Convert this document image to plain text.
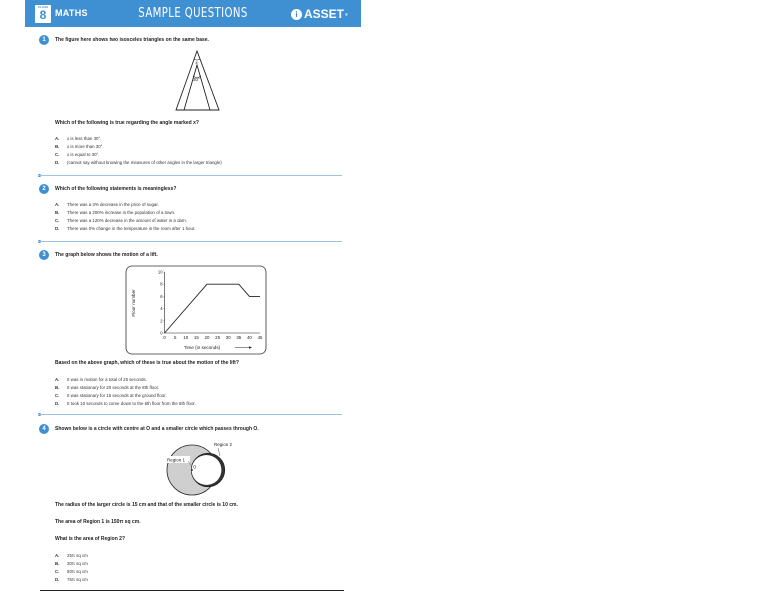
CLASS
8 MATHS	SAMPLE QUESTIONS	i ASSET ®
1	The figure here shows two isosceles triangles on the same base.
x
30°
Which of the following is true regarding the angle marked x?
A. x is less than 30°.
B. x is more than 30°.
C. x is equal to 30°.
D. (cannot say without knowing the measures of other angles in the larger triangle)
2	Which of the following statements is meaningless?
A. There was a 3% decrease in the price of sugar.
B. There was a 200% increase in the population of a town.
C. There was a 120% decrease in the amount of water in a dam.
D. There was 0% change in the temperature in the room after 1 hour.
3	The graph below shows the motion of a lift.
Floor number
Time (in seconds)
0 5 10 15 20 25 30 35 40 45
0
2
4
6
8
10
Based on the above graph, which of these is true about the motion of the lift?
A. It was in motion for a total of 25 seconds.
B. It was stationary for 20 seconds at the 8th floor.
C. It was stationary for 15 seconds at the ground floor.
D. It took 10 seconds to come down to the 6th floor from the 8th floor.
4	Shown below is a circle with centre at O and a smaller circle which passes through O.
Region 1
O
Region 2
The radius of the larger circle is 15 cm and that of the smaller circle is 10 cm.
The area of Region 1 is 150π sq cm.
What is the area of Region 2?
A. 25π sq cm
B. 30π sq cm
C. 50π sq cm
D. 75π sq cm
